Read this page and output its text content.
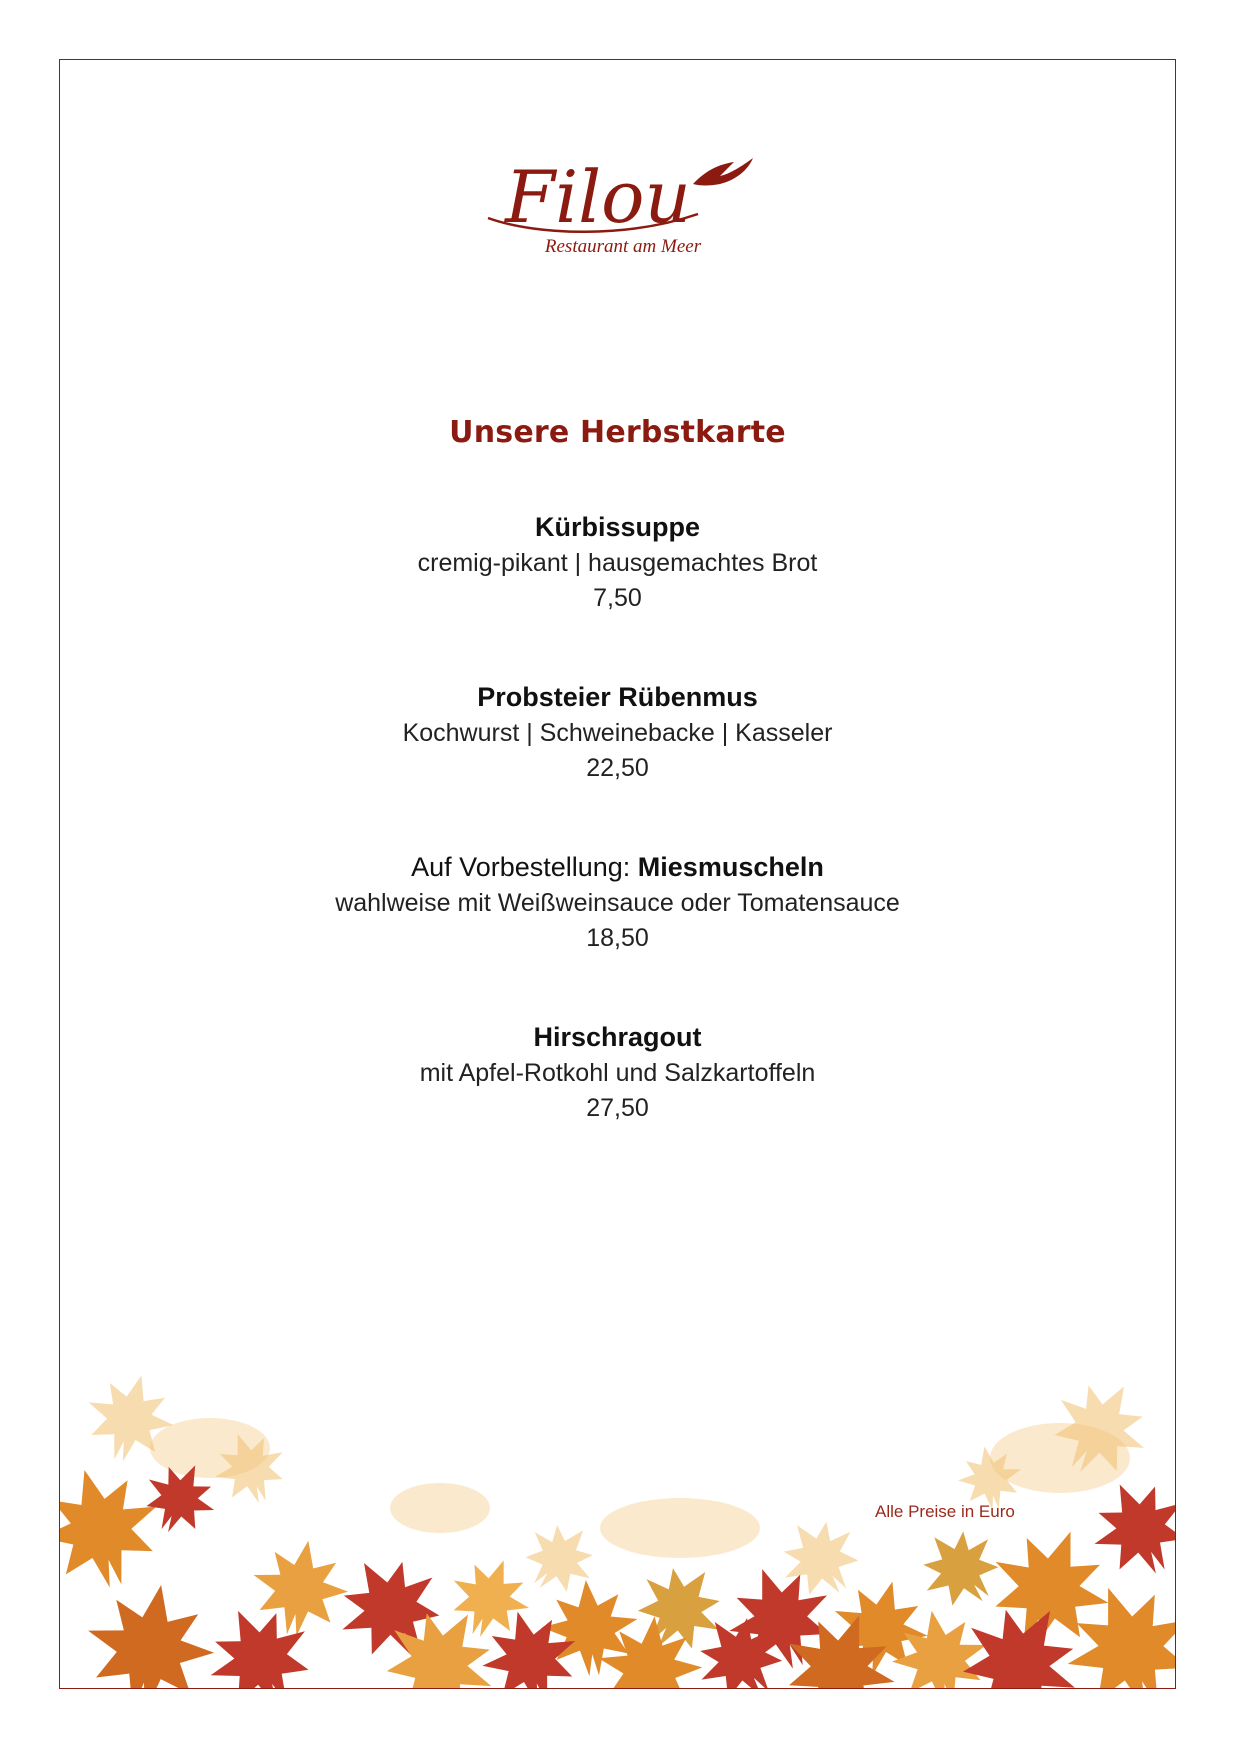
Filou
Restaurant am Meer
Unsere Herbstkarte
Kürbissuppe
cremig-pikant | hausgemachtes Brot
7,50
Probsteier Rübenmus
Kochwurst | Schweinebacke | Kasseler
22,50
Auf Vorbestellung: Miesmuscheln
wahlweise mit Weißweinsauce oder Tomatensauce
18,50
Hirschragout
mit Apfel-Rotkohl und Salzkartoffeln
27,50
Alle Preise in Euro
